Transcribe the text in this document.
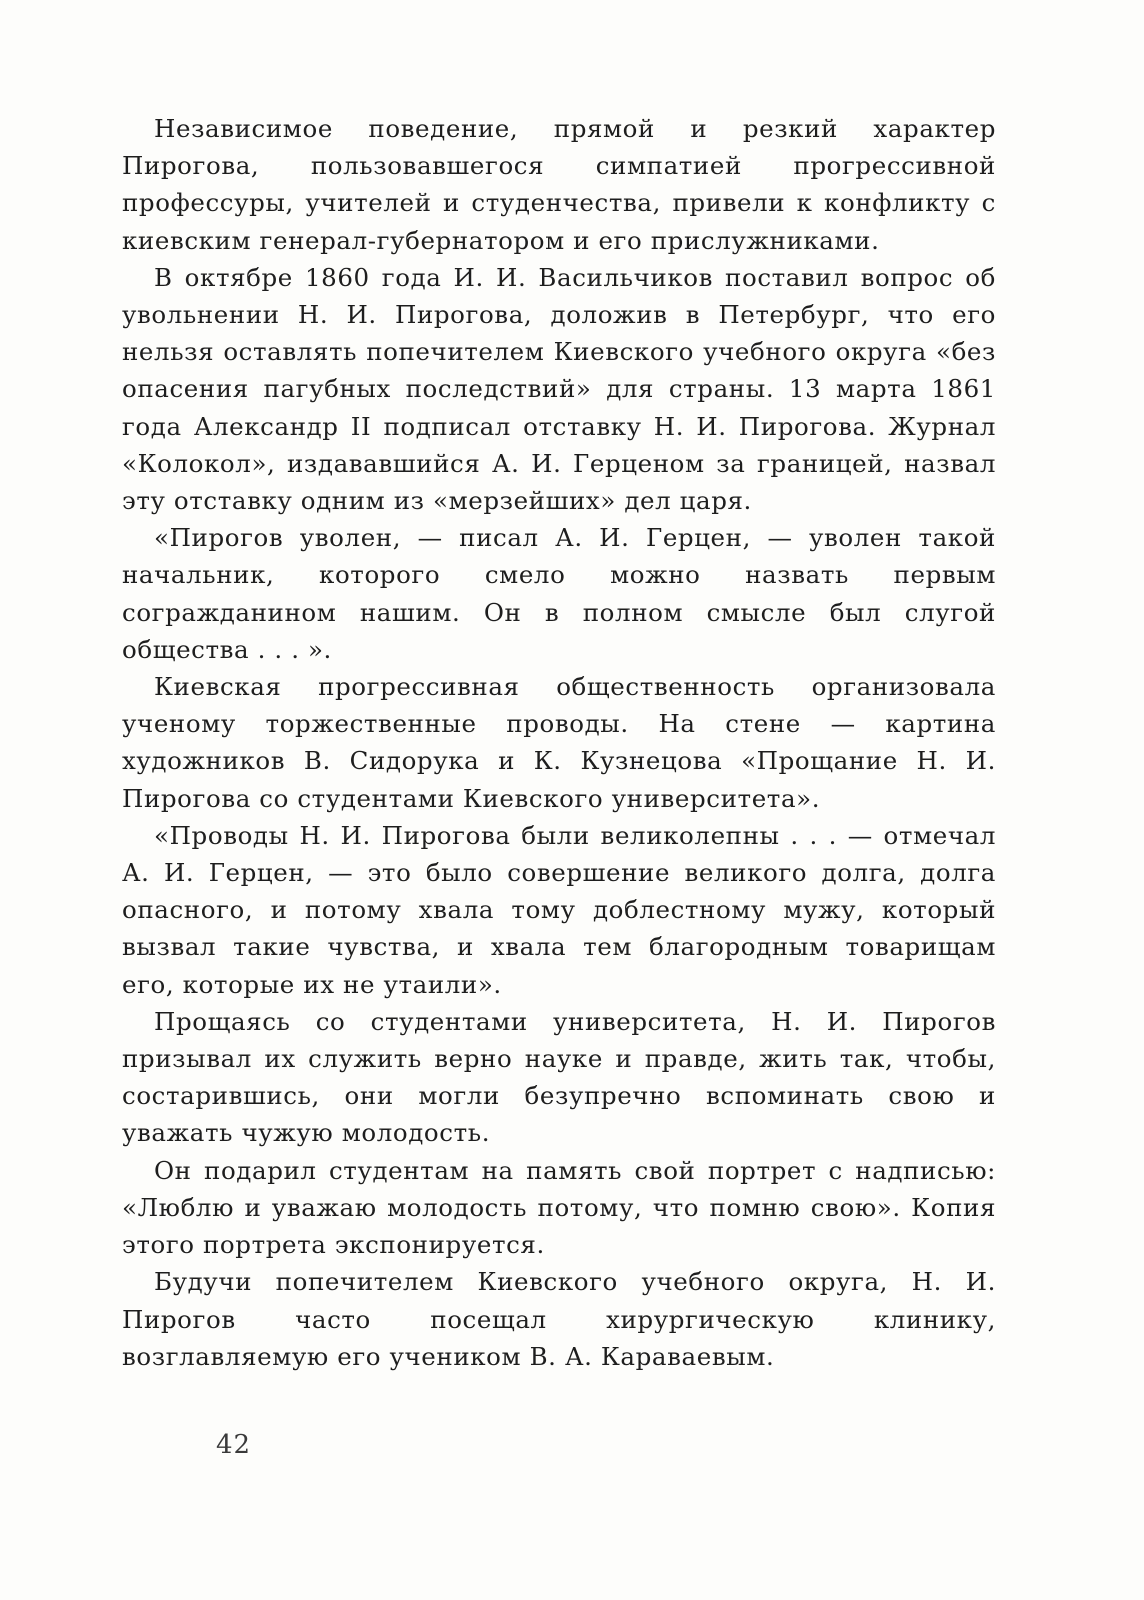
Независимое поведение, прямой и резкий характер Пирогова, пользовавшегося симпатией прогрессивной профессуры, учителей и студенчества, привели к конфликту с киевским генерал-губернатором и его прислужниками.

В октябре 1860 года И. И. Васильчиков поставил вопрос об увольнении Н. И. Пирогова, доложив в Петербург, что его нельзя оставлять попечителем Киевского учебного округа «без опасения пагубных последствий» для страны. 13 марта 1861 года Александр II подписал отставку Н. И. Пирогова. Журнал «Колокол», издававшийся А. И. Герценом за границей, назвал эту отставку одним из «мерзейших» дел царя.

«Пирогов уволен, — писал А. И. Герцен, — уволен такой начальник, которого смело можно назвать первым согражданином нашим. Он в полном смысле был слугой общества . . . ».

Киевская прогрессивная общественность организовала ученому торжественные проводы. На стене — картина художников В. Сидорука и К. Кузнецова «Прощание Н. И. Пирогова со студентами Киевского университета».

«Проводы Н. И. Пирогова были великолепны . . . — отмечал А. И. Герцен, — это было совершение великого долга, долга опасного, и потому хвала тому доблестному мужу, который вызвал такие чувства, и хвала тем благородным товарищам его, которые их не утаили».

Прощаясь со студентами университета, Н. И. Пирогов призывал их служить верно науке и правде, жить так, чтобы, состарившись, они могли безупречно вспоминать свою и уважать чужую молодость.

Он подарил студентам на память свой портрет с надписью: «Люблю и уважаю молодость потому, что помню свою». Копия этого портрета экспонируется.

Будучи попечителем Киевского учебного округа, Н. И. Пирогов часто посещал хирургическую клинику, возглавляемую его учеником В. А. Караваевым.

42
